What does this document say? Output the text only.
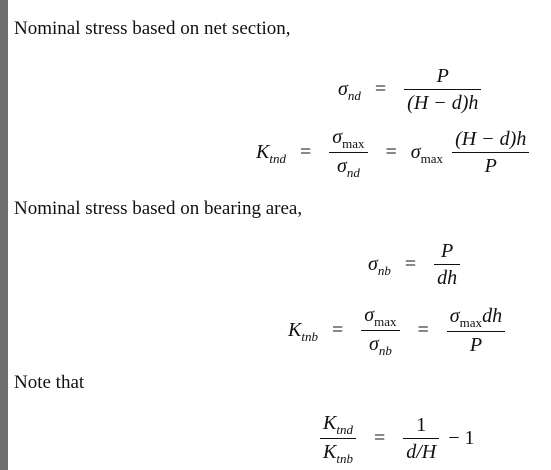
Nominal stress based on net section,
$\sigma_{nd} = \frac{P}{(H - d)h}$
$K_{tnd} = \frac{\sigma_{max}}{\sigma_{nd}} = \sigma_{max} \frac{(H - d)h}{P}$
Nominal stress based on bearing area,
$\sigma_{nb} = \frac{P}{dh}$
$K_{tnb} = \frac{\sigma_{max}}{\sigma_{nb}} = \frac{\sigma_{max}dh}{P}$
Note that
$\frac{K_{tnd}}{K_{tnb}} = \frac{1}{d/H} - 1$
